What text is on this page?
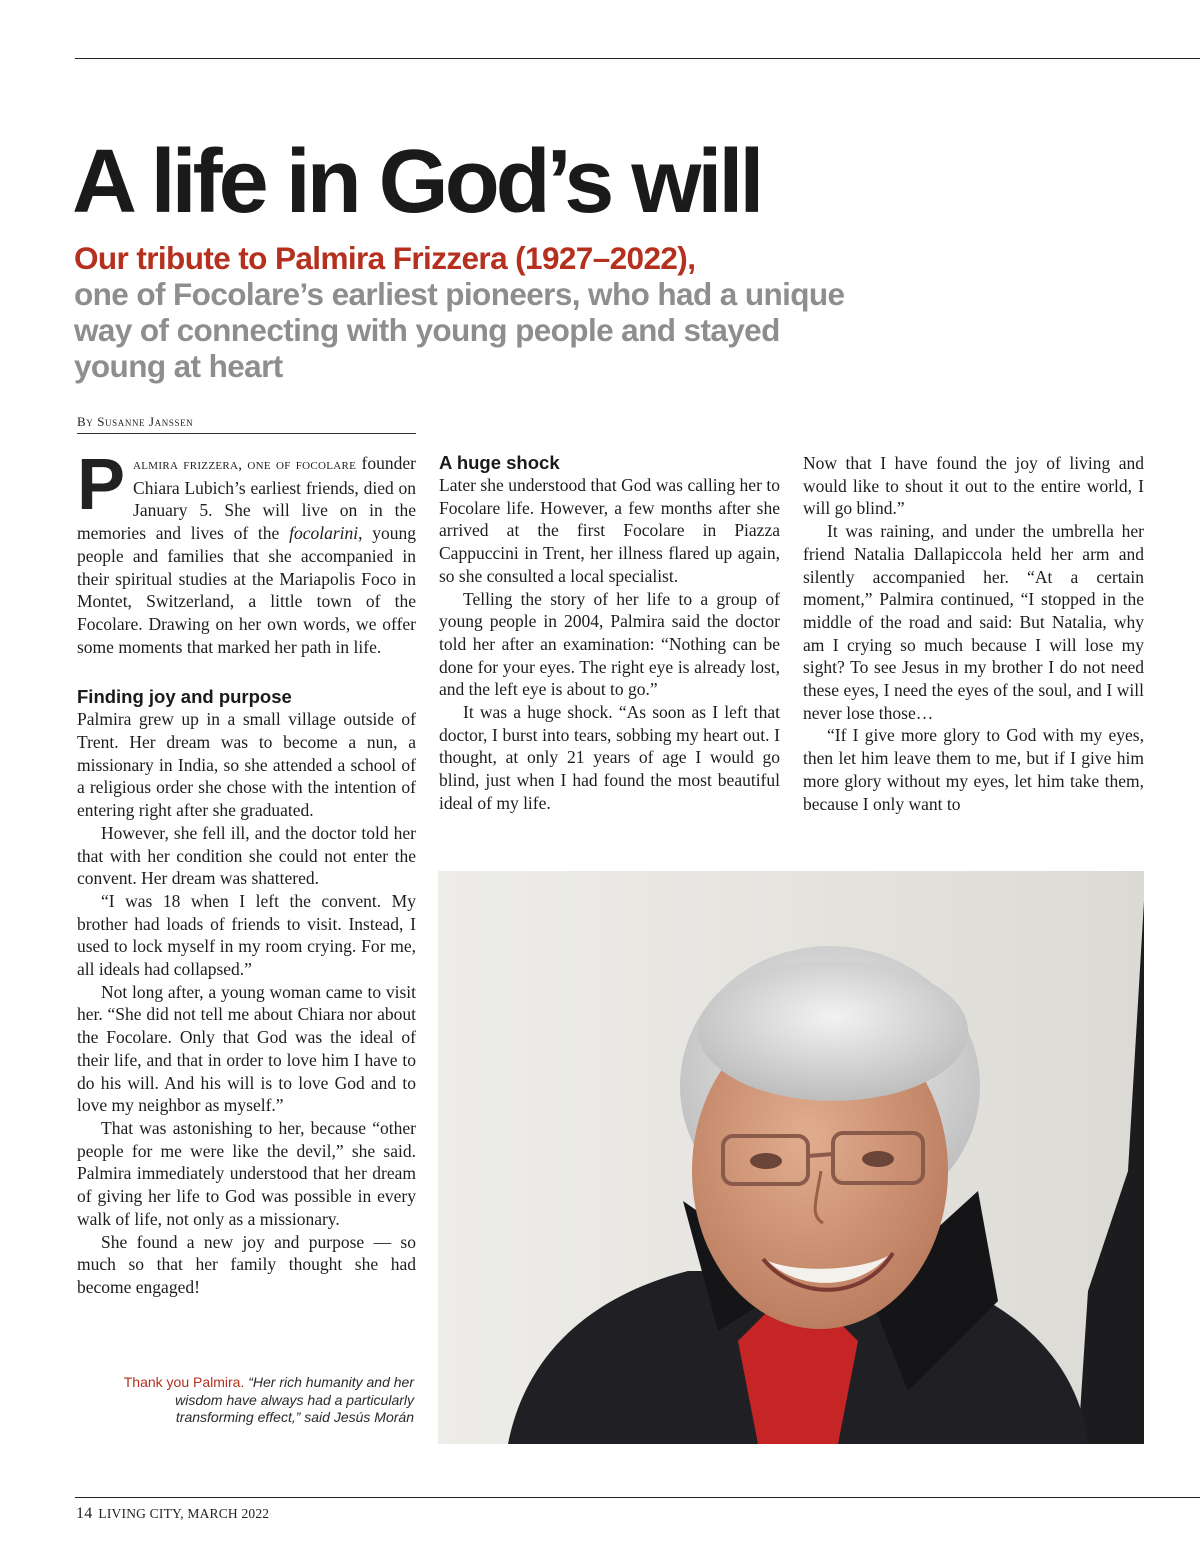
A life in God’s will
Our tribute to Palmira Frizzera (1927–2022),
one of Focolare’s earliest pioneers, who had a unique way of connecting with young people and stayed young at heart
By Susanne Janssen

Palmira frizzera, one of focolare founder Chiara Lubich’s earliest friends, died on January 5. She will live on in the memories and lives of the focolarini, young people and families that she accompanied in their spiritual studies at the Mariapolis Foco in Montet, Switzerland, a little town of the Focolare. Drawing on her own words, we offer some moments that marked her path in life.

Finding joy and purpose

Palmira grew up in a small village outside of Trent. Her dream was to become a nun, a missionary in India, so she attended a school of a religious order she chose with the intention of entering right after she graduated.

However, she fell ill, and the doctor told her that with her condition she could not enter the convent. Her dream was shattered.

“I was 18 when I left the convent. My brother had loads of friends to visit. Instead, I used to lock myself in my room crying. For me, all ideals had collapsed.”

Not long after, a young woman came to visit her. “She did not tell me about Chiara nor about the Focolare. Only that God was the ideal of their life, and that in order to love him I have to do his will. And his will is to love God and to love my neighbor as myself.”

That was astonishing to her, because “other people for me were like the devil,” she said. Palmira immediately understood that her dream of giving her life to God was possible in every walk of life, not only as a missionary.

She found a new joy and purpose — so much so that her family thought she had become engaged!

A huge shock

Later she understood that God was calling her to Focolare life. However, a few months after she arrived at the first Focolare in Piazza Cappuccini in Trent, her illness flared up again, so she consulted a local specialist.

Telling the story of her life to a group of young people in 2004, Palmira said the doctor told her after an examination: “Nothing can be done for your eyes. The right eye is already lost, and the left eye is about to go.”

It was a huge shock. “As soon as I left that doctor, I burst into tears, sobbing my heart out. I thought, at only 21 years of age I would go blind, just when I had found the most beautiful ideal of my life.

Now that I have found the joy of living and would like to shout it out to the entire world, I will go blind.”

It was raining, and under the umbrella her friend Natalia Dallapiccola held her arm and silently accompanied her. “At a certain moment,” Palmira continued, “I stopped in the middle of the road and said: But Natalia, why am I crying so much because I will lose my sight? To see Jesus in my brother I do not need these eyes, I need the eyes of the soul, and I will never lose those…

“If I give more glory to God with my eyes, then let him leave them to me, but if I give him more glory without my eyes, let him take them, because I only want to

Thank you Palmira. “Her rich humanity and her wisdom have always had a particularly transforming effect,” said Jesús Morán
14 LIVING CITY, MARCH 2022
